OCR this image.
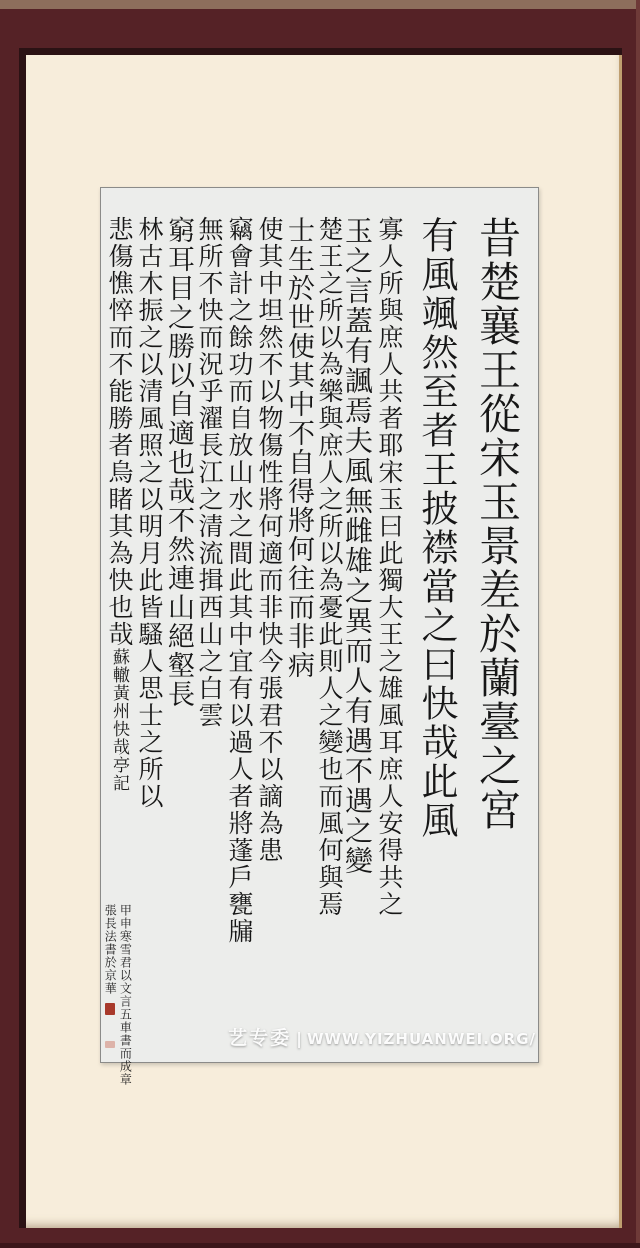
昔楚襄王從宋玉景差於蘭臺之宮
有風颯然至者王披襟當之曰快哉此風
寡人所與庶人共者耶宋玉曰此獨大王之雄風耳庶人安得共之
玉之言蓋有諷焉夫風無雌雄之異而人有遇不遇之變
楚王之所以為樂與庶人之所以為憂此則人之變也而風何與焉
士生於世使其中不自得將何往而非病
使其中坦然不以物傷性將何適而非快今張君不以謫為患
竊會計之餘功而自放山水之間此其中宜有以過人者將蓬戶甕牖
無所不快而況乎濯長江之清流揖西山之白雲
窮耳目之勝以自適也哉不然連山絕壑長
林古木振之以清風照之以明月此皆騷人思士之所以
悲傷憔悴而不能勝者烏睹其為快也哉蘇轍黃州快哉亭記
甲申寒雪君以文言五車書而成章
張長法書於京華
艺专委 | WWW.YIZHUANWEI.ORG/
